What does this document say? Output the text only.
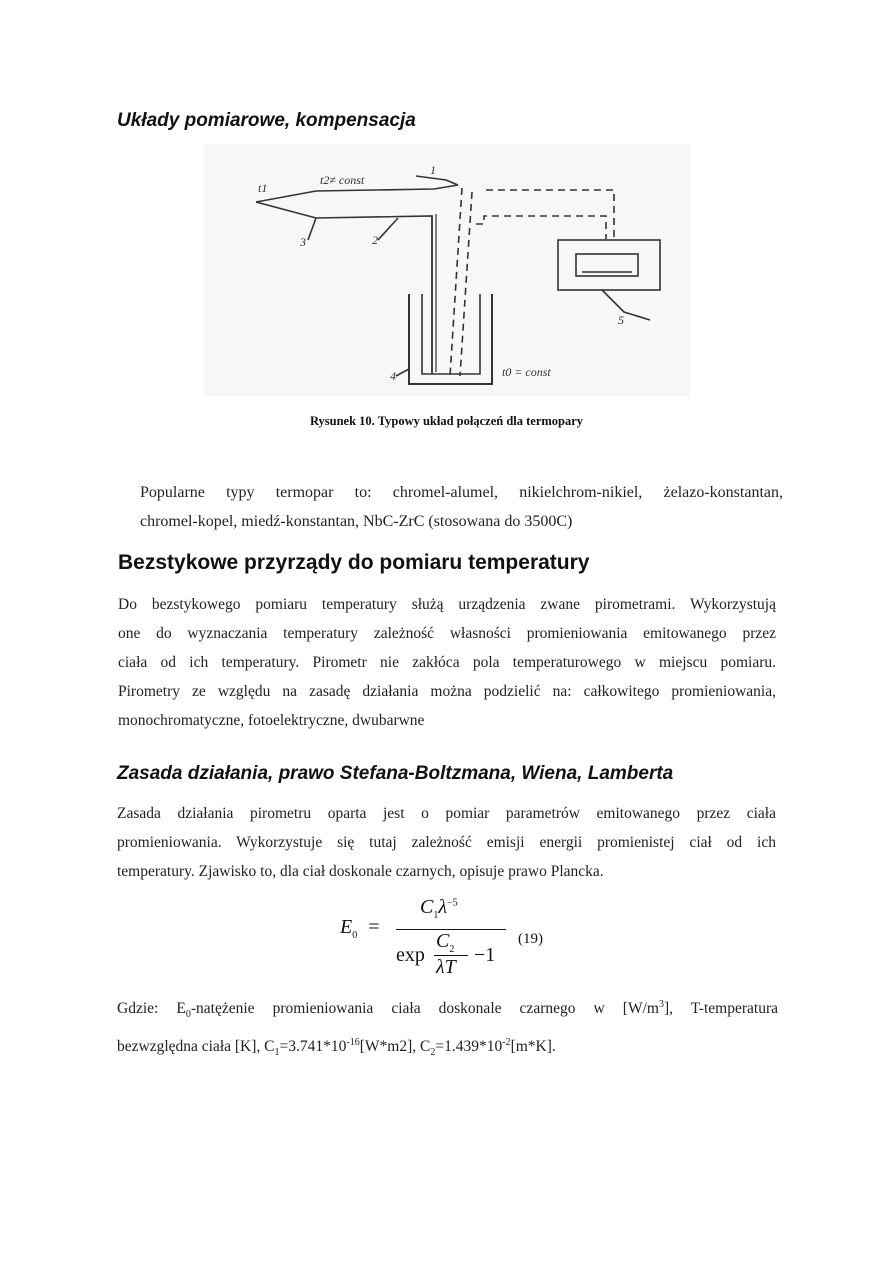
Układy pomiarowe, kompensacja
t1
t2≠ const
1
2
3
4
5
t0 = const
Rysunek 10. Typowy układ połączeń dla termopary
Popularne typy termopar to: chromel-alumel, nikielchrom-nikiel, żelazo-konstantan,
chromel-kopel, miedź-konstantan, NbC-ZrC (stosowana do 3500C)
Bezstykowe przyrządy do pomiaru temperatury
Do bezstykowego pomiaru temperatury służą urządzenia zwane pirometrami. Wykorzystują
one do wyznaczania temperatury zależność własności promieniowania emitowanego przez
ciała od ich temperatury. Pirometr nie zakłóca pola temperaturowego w miejscu pomiaru.
Pirometry ze względu na zasadę działania można podzielić na: całkowitego promieniowania,
monochromatyczne, fotoelektryczne, dwubarwne
Zasada działania, prawo Stefana-Boltzmana, Wiena, Lamberta
Zasada działania pirometru oparta jest o pomiar parametrów emitowanego przez ciała
promieniowania. Wykorzystuje się tutaj zależność emisji energii promienistej ciał od ich
temperatury. Zjawisko to, dla ciał doskonale czarnych, opisuje prawo Plancka.
$E_0$ =
$C_1\lambda^{-5}$
exp
$C_2$
λT
−1
(19)
Gdzie: $E_0$-natężenie promieniowania ciała doskonale czarnego w $[W/m^3]$, T-temperatura
bezwzględna ciała [K], $C_1=3.741*10^{-16}[W*m2]$, $C_2=1.439*10^{-2}[m*K]$.
